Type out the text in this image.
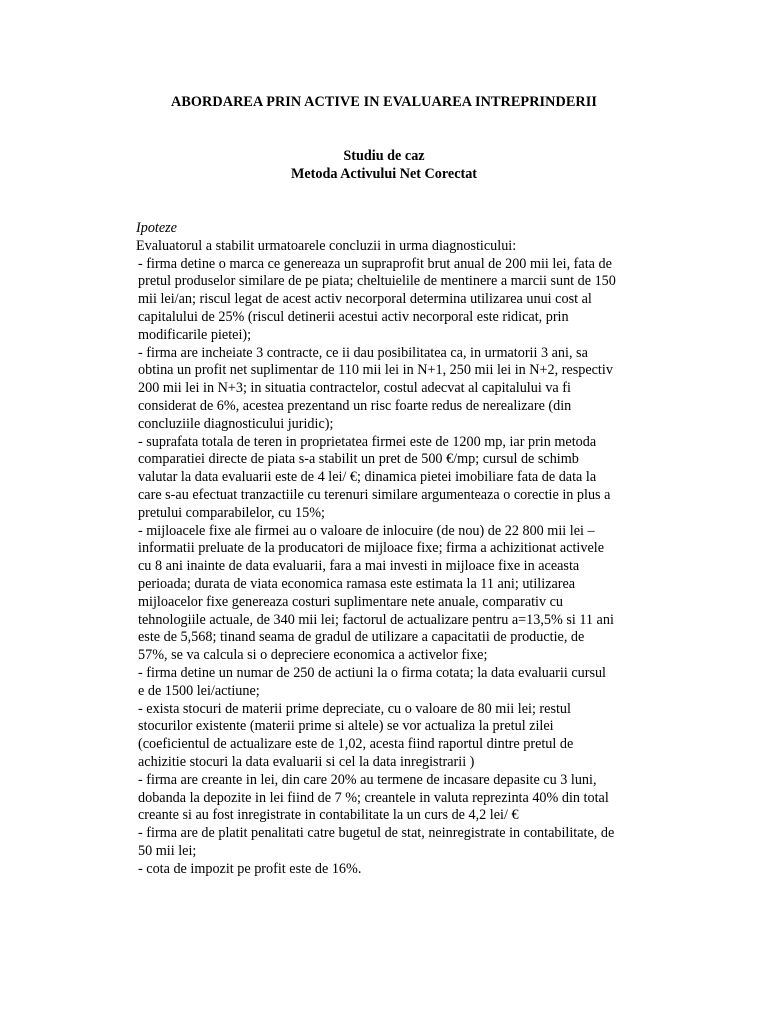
ABORDAREA PRIN ACTIVE IN EVALUAREA INTREPRINDERII
Studiu de caz
Metoda Activului Net Corectat

Ipoteze

Evaluatorul a stabilit urmatoarele concluzii in urma diagnosticului:

- firma detine o marca ce genereaza un supraprofit brut anual de 200 mii lei, fata de
pretul produselor similare de pe piata; cheltuielile de mentinere a marcii sunt de 150
mii lei/an; riscul legat de acest activ necorporal determina utilizarea unui cost al
capitalului de 25% (riscul detinerii acestui activ necorporal este ridicat, prin
modificarile pietei);
- firma are incheiate 3 contracte, ce ii dau posibilitatea ca, in urmatorii 3 ani, sa
obtina un profit net suplimentar de 110 mii lei in N+1, 250 mii lei in N+2, respectiv
200 mii lei in N+3; in situatia contractelor, costul adecvat al capitalului va fi
considerat de 6%, acestea prezentand un risc foarte redus de nerealizare (din
concluziile diagnosticului juridic);
- suprafata totala de teren in proprietatea firmei este de 1200 mp, iar prin metoda
comparatiei directe de piata s-a stabilit un pret de 500 €/mp; cursul de schimb
valutar la data evaluarii este de 4 lei/ €; dinamica pietei imobiliare fata de data la
care s-au efectuat tranzactiile cu terenuri similare argumenteaza o corectie in plus a
pretului comparabilelor, cu 15%;
- mijloacele fixe ale firmei au o valoare de inlocuire (de nou) de 22 800 mii lei –
informatii preluate de la producatori de mijloace fixe; firma a achizitionat activele
cu 8 ani inainte de data evaluarii, fara a mai investi in mijloace fixe in aceasta
perioada; durata de viata economica ramasa este estimata la 11 ani; utilizarea
mijloacelor fixe genereaza costuri suplimentare nete anuale, comparativ cu
tehnologiile actuale, de 340 mii lei; factorul de actualizare pentru a=13,5% si 11 ani
este de 5,568; tinand seama de gradul de utilizare a capacitatii de productie, de
57%, se va calcula si o depreciere economica a activelor fixe;
- firma detine un numar de 250 de actiuni la o firma cotata; la data evaluarii cursul
e de 1500 lei/actiune;
- exista stocuri de materii prime depreciate, cu o valoare de 80 mii lei; restul
stocurilor existente (materii prime si altele) se vor actualiza la pretul zilei
(coeficientul de actualizare este de 1,02, acesta fiind raportul dintre pretul de
achizitie stocuri la data evaluarii si cel la data inregistrarii )
- firma are creante in lei, din care 20% au termene de incasare depasite cu 3 luni,
dobanda la depozite in lei fiind de 7 %; creantele in valuta reprezinta 40% din total
creante si au fost inregistrate in contabilitate la un curs de 4,2 lei/ €
- firma are de platit penalitati catre bugetul de stat, neinregistrate in contabilitate, de
50 mii lei;
- cota de impozit pe profit este de 16%.
